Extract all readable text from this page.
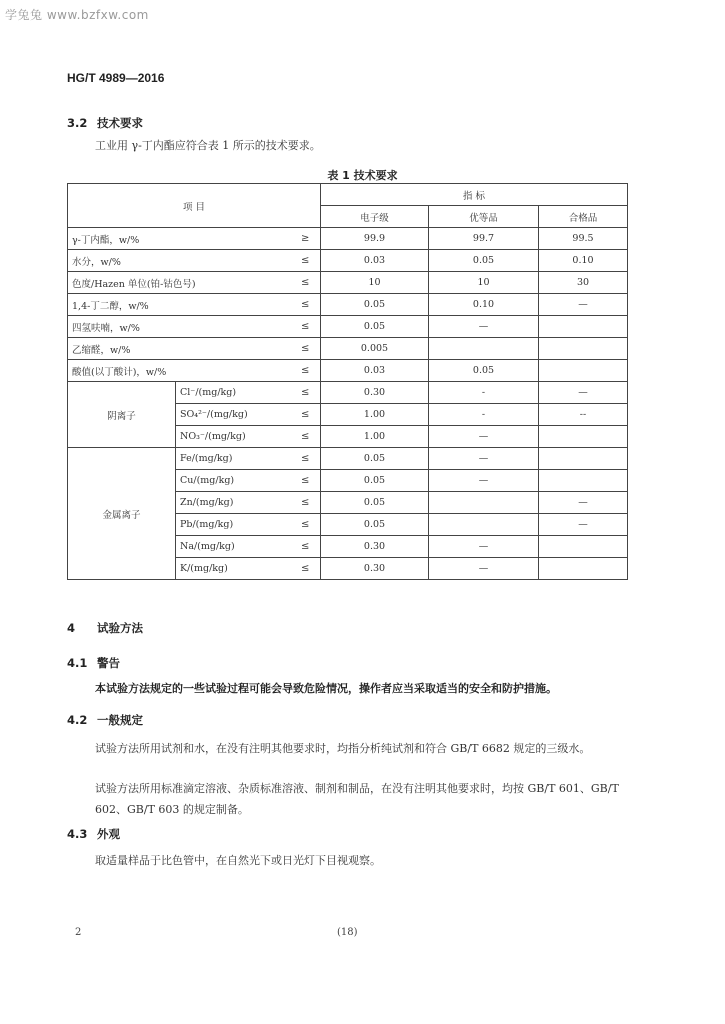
学兔兔 www.bzfxw.com
HG/T 4989—2016
3.2 技术要求
工业用 γ-丁内酯应符合表 1 所示的技术要求。
表 1 技术要求
项 目			指 标		
			电子级	优等品	合格品
γ-丁内酯，w/%		≥	99.9	99.7	99.5
水分，w/%		≤	0.03	0.05	0.10
色度/Hazen 单位(铂-钴色号)		≤	10	10	30
1,4-丁二醇，w/%		≤	0.05	0.10	—
四氢呋喃，w/%		≤	0.05	—	
乙缩醛，w/%		≤	0.005		
酸值(以丁酸计)，w/%		≤	0.03	0.05	
阴离子	Cl⁻/(mg/kg)	≤	0.30	-	—
	SO₄²⁻/(mg/kg)	≤	1.00	-	--
	NO₃⁻/(mg/kg)	≤	1.00	—	
金属离子	Fe/(mg/kg)	≤	0.05	—	
	Cu/(mg/kg)	≤	0.05	—	
	Zn/(mg/kg)	≤	0.05		—
	Pb/(mg/kg)	≤	0.05		—
	Na/(mg/kg)	≤	0.30	—	
	K/(mg/kg)	≤	0.30	—	
4 试验方法
4.1 警告
本试验方法规定的一些试验过程可能会导致危险情况，操作者应当采取适当的安全和防护措施。
4.2 一般规定
试验方法所用试剂和水，在没有注明其他要求时，均指分析纯试剂和符合 GB/T 6682 规定的三级水。
试验方法所用标准滴定溶液、杂质标准溶液、制剂和制品，在没有注明其他要求时，均按 GB/T 601、GB/T 602、GB/T 603 的规定制备。
4.3 外观
取适量样品于比色管中，在自然光下或日光灯下目视观察。
2	(18)
